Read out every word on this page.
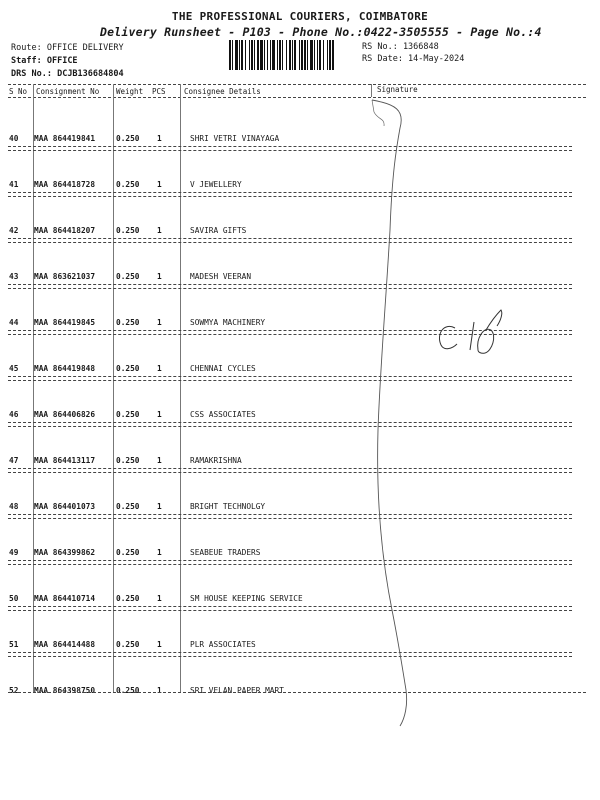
THE PROFESSIONAL COURIERS, COIMBATORE
Delivery Runsheet - P103 - Phone No.:0422-3505555 - Page No.:4
Route: OFFICE DELIVERY
Staff: OFFICE
DRS No.: DCJB136684804
RS No.: 1366848
RS Date: 14-May-2024
S No Consignment No Weight PCS Consignee Details	Signature
40 MAA 864419841	0.250 1	SHRI VETRI VINAYAGA
41 MAA 864418728	0.250 1	V JEWELLERY
42 MAA 864418207	0.250 1	SAVIRA GIFTS
43 MAA 863621037	0.250 1	MADESH VEERAN
44 MAA 864419845	0.250 1	SOWMYA MACHINERY
45 MAA 864419848	0.250 1	CHENNAI CYCLES
46 MAA 864406826	0.250 1	CSS ASSOCIATES
47 MAA 864413117	0.250 1	RAMAKRISHNA
48 MAA 864401073	0.250 1	BRIGHT TECHNOLGY
49 MAA 864399862	0.250 1	SEABEUE TRADERS
50 MAA 864410714	0.250 1	SM HOUSE KEEPING SERVICE
51 MAA 864414488	0.250 1	PLR ASSOCIATES
52 MAA 864398750	0.250 1	SRI VELAN PAPER MART
